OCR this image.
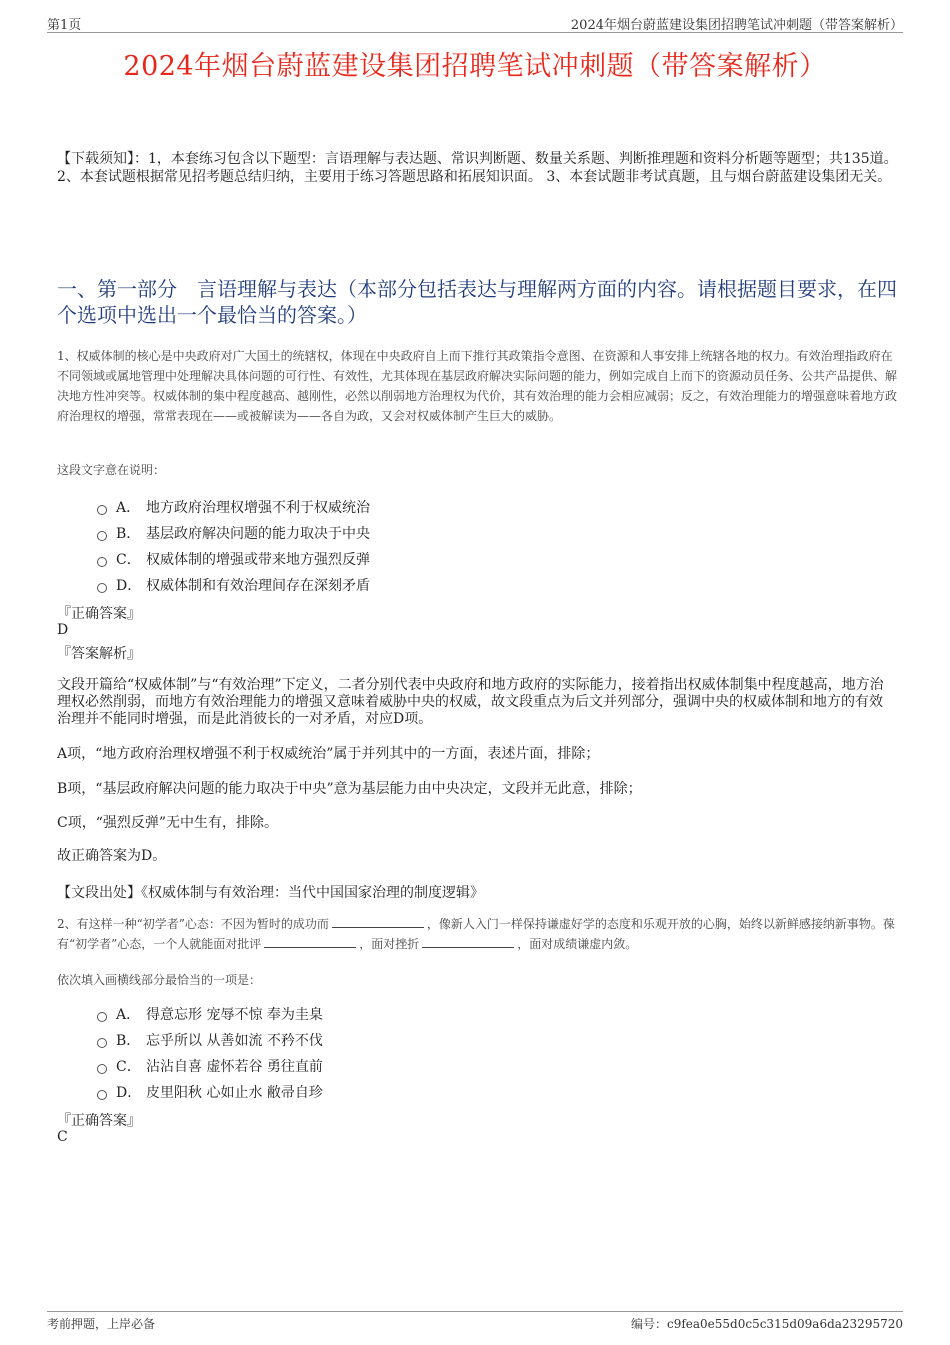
第1页	2024年烟台蔚蓝建设集团招聘笔试冲刺题（带答案解析）
2024年烟台蔚蓝建设集团招聘笔试冲刺题（带答案解析）
【下载须知】：1，本套练习包含以下题型：言语理解与表达题、常识判断题、数量关系题、判断推理题和资料分析题等题型；共135道。 2、本套试题根据常见招考题总结归纳，主要用于练习答题思路和拓展知识面。 3、本套试题非考试真题，且与烟台蔚蓝建设集团无关。
一、第一部分　言语理解与表达（本部分包括表达与理解两方面的内容。请根据题目要求，在四个选项中选出一个最恰当的答案。）
1、权威体制的核心是中央政府对广大国土的统辖权，体现在中央政府自上而下推行其政策指令意图、在资源和人事安排上统辖各地的权力。有效治理指政府在不同领域或属地管理中处理解决具体问题的可行性、有效性，尤其体现在基层政府解决实际问题的能力，例如完成自上而下的资源动员任务、公共产品提供、解决地方性冲突等。权威体制的集中程度越高、越刚性，必然以削弱地方治理权为代价，其有效治理的能力会相应减弱；反之，有效治理能力的增强意味着地方政府治理权的增强，常常表现在——或被解读为——各自为政，又会对权威体制产生巨大的威胁。
这段文字意在说明：
A． 地方政府治理权增强不利于权威统治
B． 基层政府解决问题的能力取决于中央
C． 权威体制的增强或带来地方强烈反弹
D． 权威体制和有效治理间存在深刻矛盾
『正确答案』
D
『答案解析』
文段开篇给“权威体制”与“有效治理”下定义，二者分别代表中央政府和地方政府的实际能力，接着指出权威体制集中程度越高，地方治理权必然削弱，而地方有效治理能力的增强又意味着威胁中央的权威，故文段重点为后文并列部分，强调中央的权威体制和地方的有效治理并不能同时增强，而是此消彼长的一对矛盾，对应D项。
A项，“地方政府治理权增强不利于权威统治”属于并列其中的一方面，表述片面，排除；
B项，“基层政府解决问题的能力取决于中央”意为基层能力由中央决定，文段并无此意，排除；
C项，“强烈反弹”无中生有，排除。
故正确答案为D。
【文段出处】《权威体制与有效治理：当代中国国家治理的制度逻辑》
2、有这样一种“初学者”心态：不因为暂时的成功而	，像新人入门一样保持谦虚好学的态度和乐观开放的心胸，始终以新鲜感接纳新事物。葆有“初学者”心态，一个人就能面对批评	，面对挫折	，面对成绩谦虚内敛。
依次填入画横线部分最恰当的一项是：
A． 得意忘形 宠辱不惊 奉为圭臬
B． 忘乎所以 从善如流 不矜不伐
C． 沾沾自喜 虚怀若谷 勇往直前
D． 皮里阳秋 心如止水 敝帚自珍
『正确答案』
C
考前押题，上岸必备	编号：c9fea0e55d0c5c315d09a6da23295720
